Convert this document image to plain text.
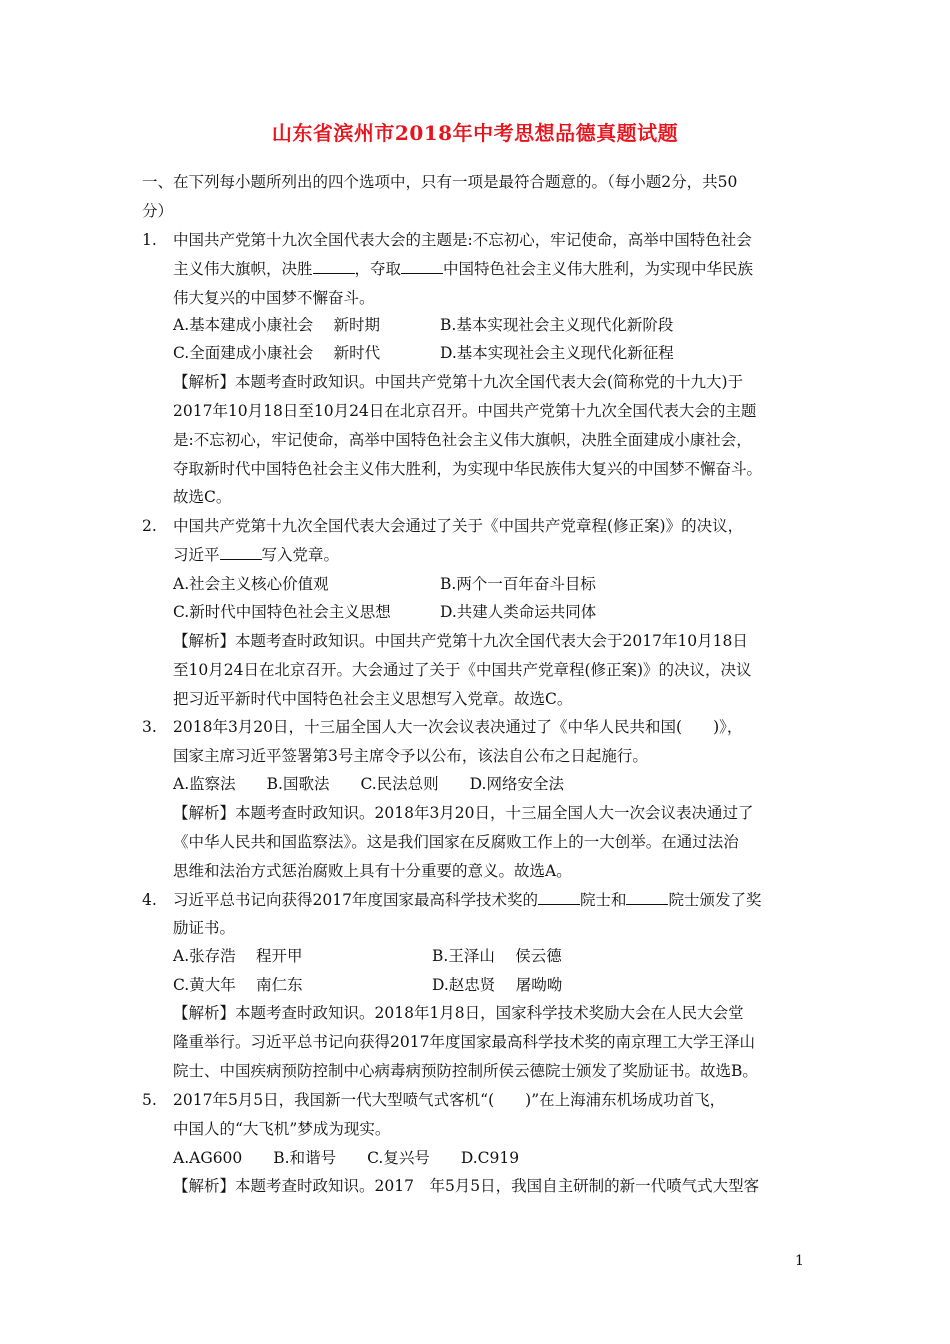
山东省滨州市2018年中考思想品德真题试题
一、在下列每小题所列出的四个选项中，只有一项是最符合题意的。（每小题2分，共50
分）
1. 中国共产党第十九次全国代表大会的主题是:不忘初心，牢记使命，高举中国特色社会
主义伟大旗帜，决胜	，夺取	中国特色社会主义伟大胜利，为实现中华民族
伟大复兴的中国梦不懈奋斗。
A.基本建成小康社会　 新时期	B.基本实现社会主义现代化新阶段
C.全面建成小康社会　 新时代	D.基本实现社会主义现代化新征程
【解析】本题考查时政知识。中国共产党第十九次全国代表大会(简称党的十九大)于
2017年10月18日至10月24日在北京召开。中国共产党第十九次全国代表大会的主题
是:不忘初心，牢记使命，高举中国特色社会主义伟大旗帜，决胜全面建成小康社会，
夺取新时代中国特色社会主义伟大胜利，为实现中华民族伟大复兴的中国梦不懈奋斗。
故选C。
2. 中国共产党第十九次全国代表大会通过了关于《中国共产党章程(修正案)》的决议，
习近平	写入党章。
A.社会主义核心价值观	B.两个一百年奋斗目标
C.新时代中国特色社会主义思想	D.共建人类命运共同体
【解析】本题考查时政知识。中国共产党第十九次全国代表大会于2017年10月18日
至10月24日在北京召开。大会通过了关于《中国共产党章程(修正案)》的决议，决议
把习近平新时代中国特色社会主义思想写入党章。故选C。
3. 2018年3月20日，十三届全国人大一次会议表决通过了《中华人民共和国(　　)》，
国家主席习近平签署第3号主席令予以公布，该法自公布之日起施行。
A.监察法　　B.国歌法　　C.民法总则　　D.网络安全法
【解析】本题考查时政知识。2018年3月20日，十三届全国人大一次会议表决通过了
《中华人民共和国监察法》。这是我们国家在反腐败工作上的一大创举。在通过法治
思维和法治方式惩治腐败上具有十分重要的意义。故选A。
4. 习近平总书记向获得2017年度国家最高科学技术奖的	院士和	院士颁发了奖
励证书。
A.张存浩　 程开甲	B.王泽山　 侯云德
C.黄大年　 南仁东	D.赵忠贤　 屠呦呦
【解析】本题考查时政知识。2018年1月8日，国家科学技术奖励大会在人民大会堂
隆重举行。习近平总书记向获得2017年度国家最高科学技术奖的南京理工大学王泽山
院士、中国疾病预防控制中心病毒病预防控制所侯云德院士颁发了奖励证书。故选B。
5. 2017年5月5日，我国新一代大型喷气式客机“(　　)”在上海浦东机场成功首飞，
中国人的“大飞机”梦成为现实。
A.AG600　　B.和谐号　　C.复兴号　　D.C919
【解析】本题考查时政知识。2017　年5月5日，我国自主研制的新一代喷气式大型客
1
